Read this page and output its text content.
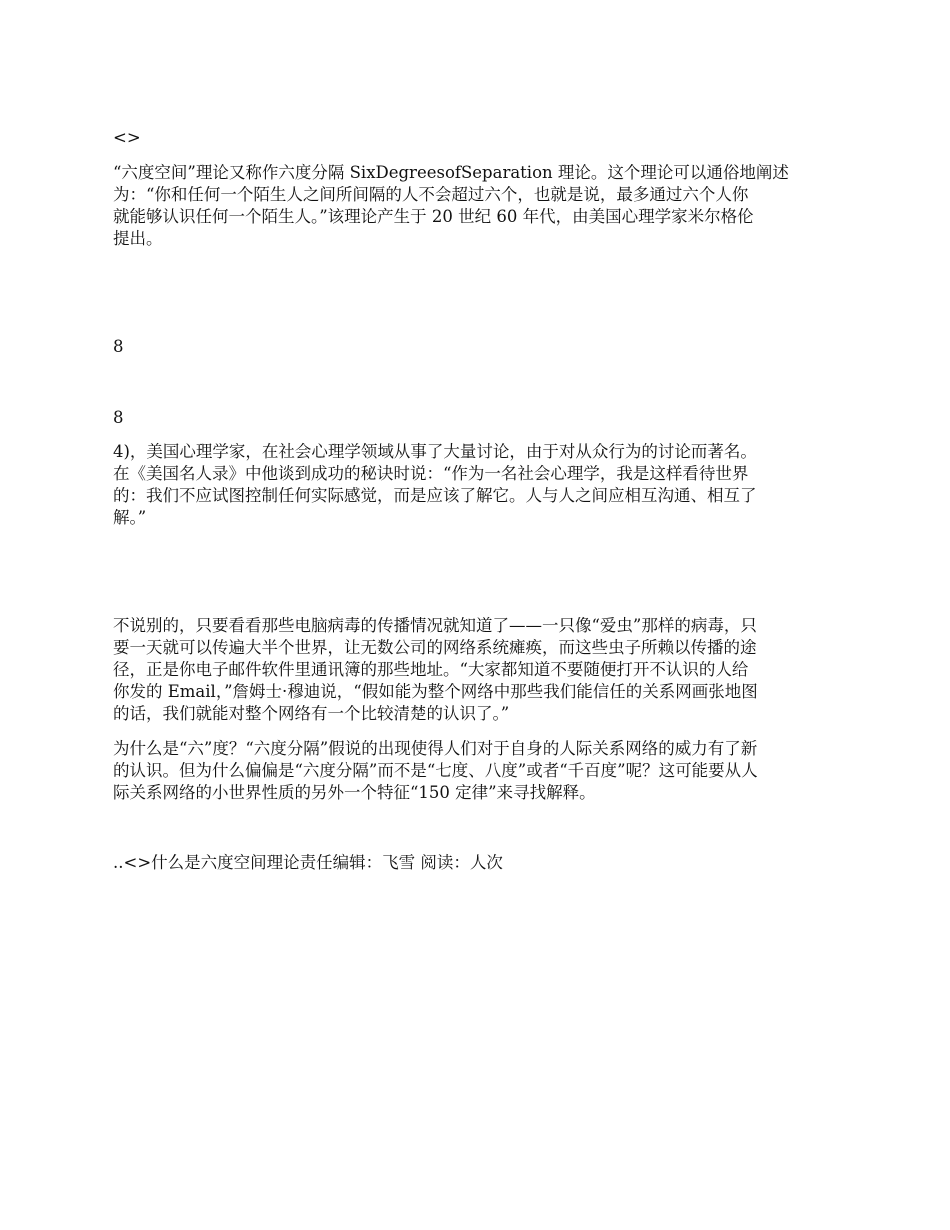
<>

“六度空间”理论又称作六度分隔 SixDegreesofSeparation 理论。这个理论可以通俗地阐述
为：“你和任何一个陌生人之间所间隔的人不会超过六个，也就是说，最多通过六个人你
就能够认识任何一个陌生人。”该理论产生于 20 世纪 60 年代，由美国心理学家米尔格伦
提出。

8

8

4)，美国心理学家，在社会心理学领域从事了大量讨论，由于对从众行为的讨论而著名。
在《美国名人录》中他谈到成功的秘诀时说：“作为一名社会心理学，我是这样看待世界
的：我们不应试图控制任何实际感觉，而是应该了解它。人与人之间应相互沟通、相互了
解。”
不说别的，只要看看那些电脑病毒的传播情况就知道了——一只像“爱虫”那样的病毒，只
要一天就可以传遍大半个世界，让无数公司的网络系统瘫痪，而这些虫子所赖以传播的途
径，正是你电子邮件软件里通讯簿的那些地址。“大家都知道不要随便打开不认识的人给
你发的 Email，”詹姆士·穆迪说，“假如能为整个网络中那些我们能信任的关系网画张地图
的话，我们就能对整个网络有一个比较清楚的认识了。”
为什么是“六”度？“六度分隔”假说的出现使得人们对于自身的人际关系网络的威力有了新
的认识。但为什么偏偏是“六度分隔”而不是“七度、八度”或者“千百度”呢？这可能要从人
际关系网络的小世界性质的另外一个特征“150 定律”来寻找解释。

..<>什么是六度空间理论责任编辑：飞雪 阅读：人次
